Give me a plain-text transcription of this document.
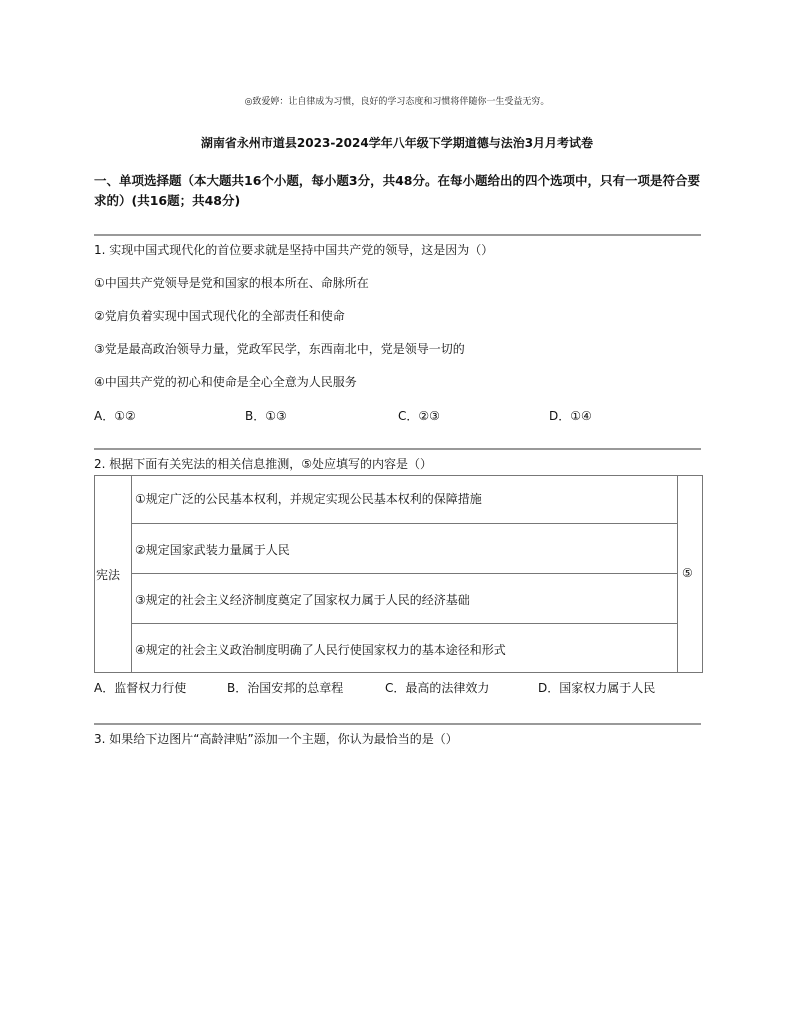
◎致爱婷：让自律成为习惯，良好的学习态度和习惯将伴随你一生受益无穷。
湖南省永州市道县2023-2024学年八年级下学期道德与法治3月月考试卷
一、单项选择题（本大题共16个小题，每小题3分，共48分。在每小题给出的四个选项中，只有一项是符合要求的）(共16题；共48分)
1. 实现中国式现代化的首位要求就是坚持中国共产党的领导，这是因为（）
①中国共产党领导是党和国家的根本所在、命脉所在
②党肩负着实现中国式现代化的全部责任和使命
③党是最高政治领导力量，党政军民学，东西南北中，党是领导一切的
④中国共产党的初心和使命是全心全意为人民服务
A．①②	B．①③	C．②③	D．①④
2. 根据下面有关宪法的相关信息推测，⑤处应填写的内容是（）
宪法	⑤
①规定广泛的公民基本权利，并规定实现公民基本权利的保障措施
②规定国家武装力量属于人民
③规定的社会主义经济制度奠定了国家权力属于人民的经济基础
④规定的社会主义政治制度明确了人民行使国家权力的基本途径和形式
A．监督权力行使	B．治国安邦的总章程	C．最高的法律效力	D．国家权力属于人民
3. 如果给下边图片“高龄津贴”添加一个主题，你认为最恰当的是（）
